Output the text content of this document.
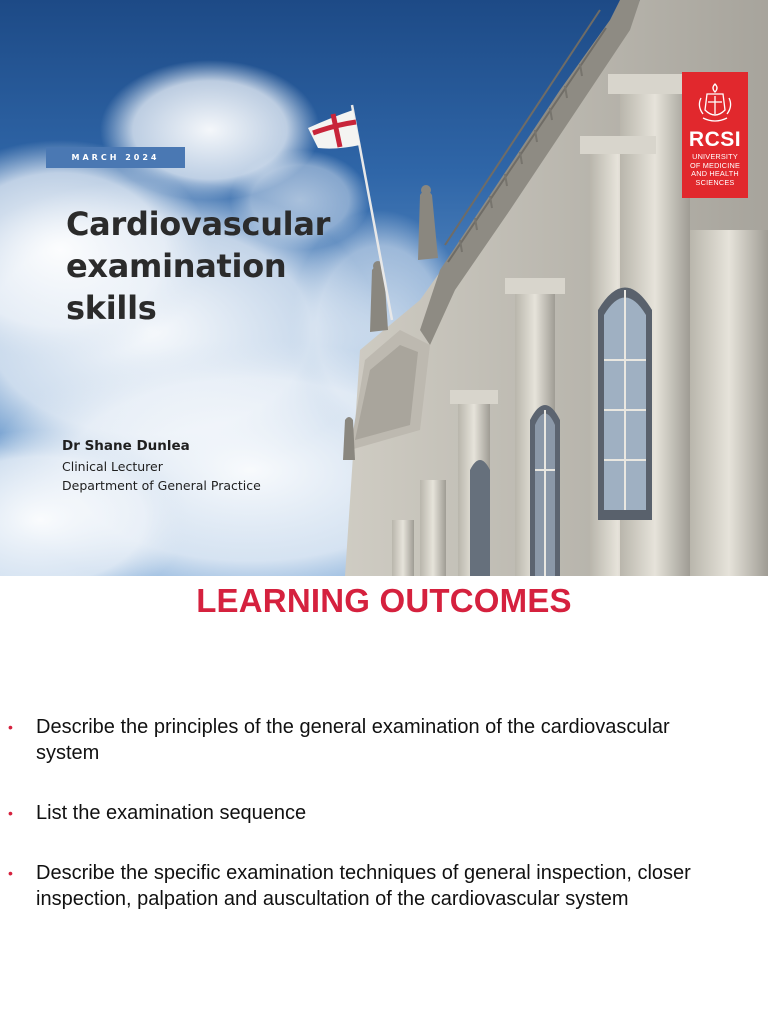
MARCH 2024
Cardiovascular
examination
skills
Dr Shane Dunlea
Clinical Lecturer
Department of General Practice
RCSI
UNIVERSITY
OF MEDICINE
AND HEALTH
SCIENCES
LEARNING OUTCOMES
• Describe the principles of the general examination of the cardiovascular
system
• List the examination sequence
• Describe the specific examination techniques of general inspection, closer
inspection, palpation and auscultation of the cardiovascular system
